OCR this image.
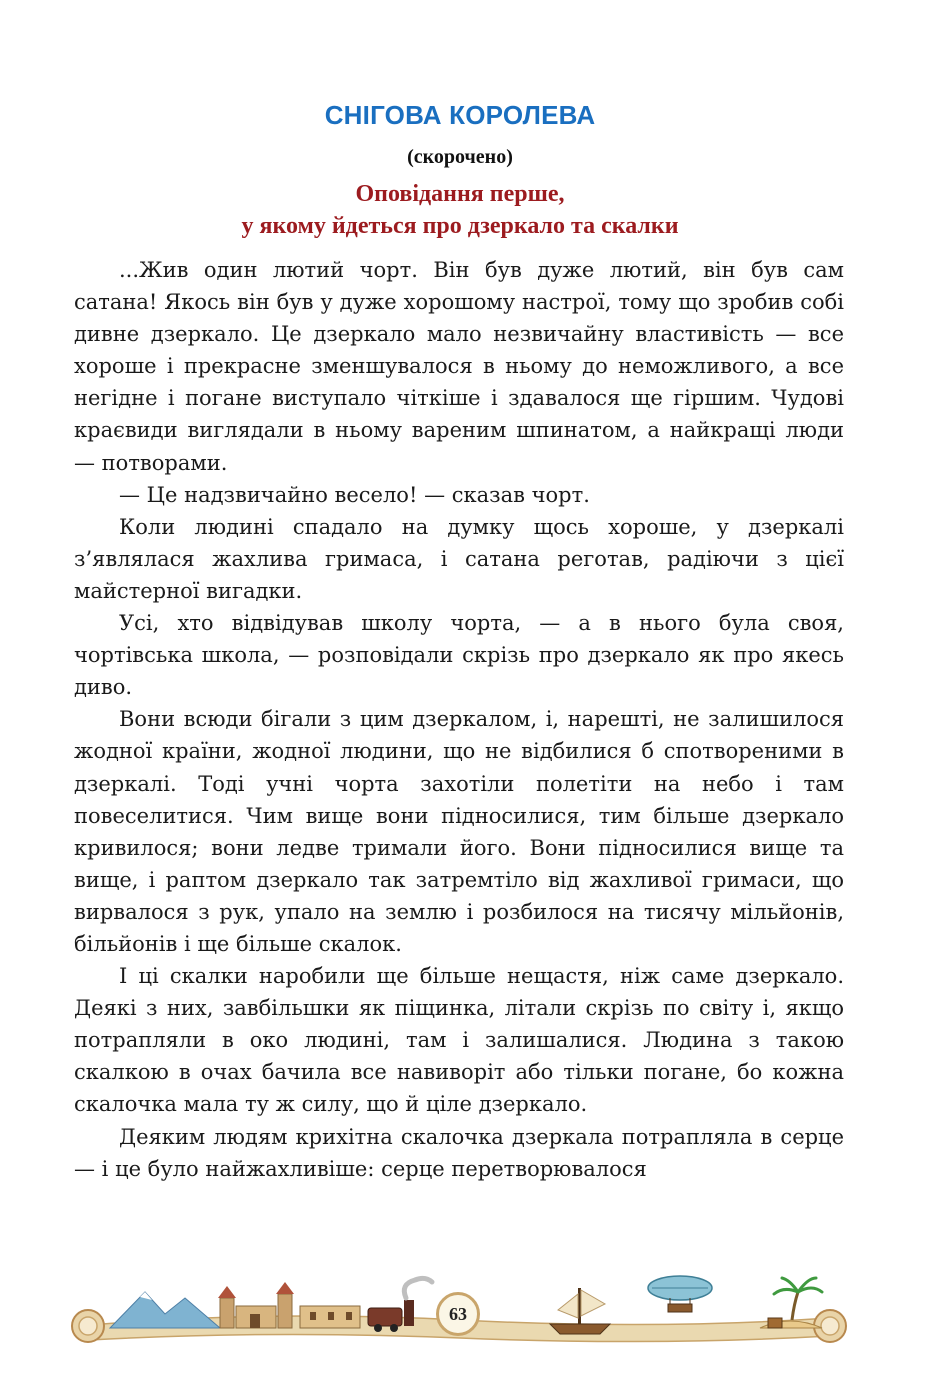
СНІГОВА КОРОЛЕВА
(скорочено)
Оповідання перше,
у якому йдеться про дзеркало та скалки

...Жив один лютий чорт. Він був дуже лютий, він був сам сатана! Якось він був у дуже хорошому настрої, тому що зробив собі дивне дзеркало. Це дзеркало мало незвичайну властивість — все хороше і прекрасне зменшувалося в ньому до неможливого, а все негідне і погане виступало чіткіше і здавалося ще гіршим. Чудові краєвиди виглядали в ньому вареним шпинатом, а найкращі люди — потворами.

— Це надзвичайно весело! — сказав чорт.

Коли людині спадало на думку щось хороше, у дзеркалі з’являлася жахлива гримаса, і сатана реготав, радіючи з цієї майстерної вигадки.

Усі, хто відвідував школу чорта, — а в нього була своя, чортівська школа, — розповідали скрізь про дзеркало як про якесь диво.

Вони всюди бігали з цим дзеркалом, і, нарешті, не залишилося жодної країни, жодної людини, що не відбилися б спотвореними в дзеркалі. Тоді учні чорта захотіли полетіти на небо і там повеселитися. Чим вище вони підносилися, тим більше дзеркало кривилося; вони ледве тримали його. Вони підносилися вище та вище, і раптом дзеркало так затремтіло від жахливої гримаси, що вирвалося з рук, упало на землю і розбилося на тисячу мільйонів, більйонів і ще більше скалок.

І ці скалки наробили ще більше нещастя, ніж саме дзеркало. Деякі з них, завбільшки як піщинка, літали скрізь по світу і, якщо потрапляли в око людині, там і залишалися. Людина з такою скалкою в очах бачила все навиворіт або тільки погане, бо кожна скалочка мала ту ж силу, що й ціле дзеркало.

Деяким людям крихітна скалочка дзеркала потрапляла в серце — і це було найжахливіше: серце перетворювалося

63
